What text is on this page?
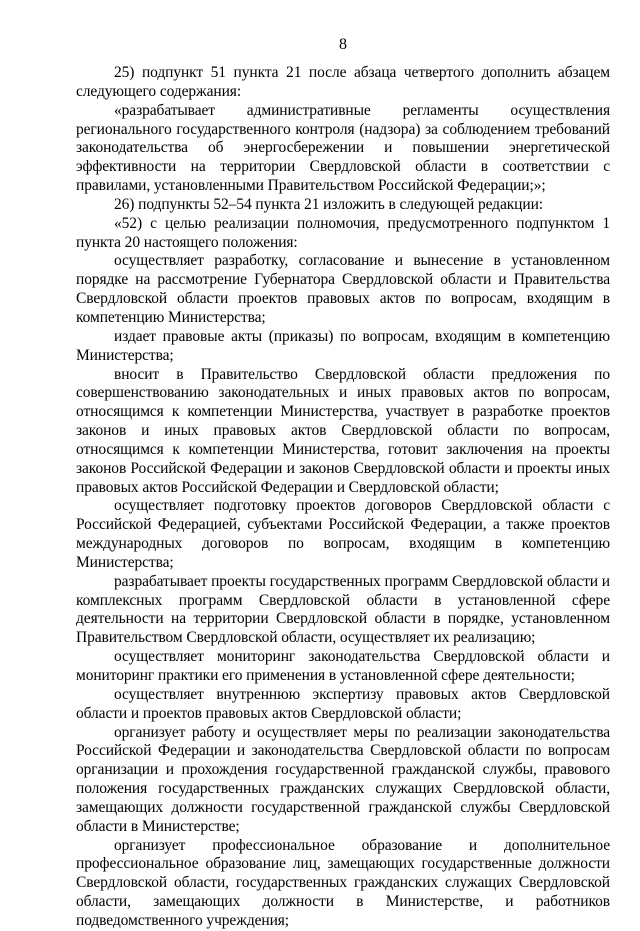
8

25) подпункт 51 пункта 21 после абзаца четвертого дополнить абзацем следующего содержания:

«разрабатывает административные регламенты осуществления регионального государственного контроля (надзора) за соблюдением требований законодательства об энергосбережении и повышении энергетической эффективности на территории Свердловской области в соответствии с правилами, установленными Правительством Российской Федерации;»;

26) подпункты 52–54 пункта 21 изложить в следующей редакции:

«52) с целью реализации полномочия, предусмотренного подпунктом 1 пункта 20 настоящего положения:

осуществляет разработку, согласование и вынесение в установленном порядке на рассмотрение Губернатора Свердловской области и Правительства Свердловской области проектов правовых актов по вопросам, входящим в компетенцию Министерства;

издает правовые акты (приказы) по вопросам, входящим в компетенцию Министерства;

вносит в Правительство Свердловской области предложения по совершенствованию законодательных и иных правовых актов по вопросам, относящимся к компетенции Министерства, участвует в разработке проектов законов и иных правовых актов Свердловской области по вопросам, относящимся к компетенции Министерства, готовит заключения на проекты законов Российской Федерации и законов Свердловской области и проекты иных правовых актов Российской Федерации и Свердловской области;

осуществляет подготовку проектов договоров Свердловской области с Российской Федерацией, субъектами Российской Федерации, а также проектов международных договоров по вопросам, входящим в компетенцию Министерства;

разрабатывает проекты государственных программ Свердловской области и комплексных программ Свердловской области в установленной сфере деятельности на территории Свердловской области в порядке, установленном Правительством Свердловской области, осуществляет их реализацию;

осуществляет мониторинг законодательства Свердловской области и мониторинг практики его применения в установленной сфере деятельности;

осуществляет внутреннюю экспертизу правовых актов Свердловской области и проектов правовых актов Свердловской области;

организует работу и осуществляет меры по реализации законодательства Российской Федерации и законодательства Свердловской области по вопросам организации и прохождения государственной гражданской службы, правового положения государственных гражданских служащих Свердловской области, замещающих должности государственной гражданской службы Свердловской области в Министерстве;

организует профессиональное образование и дополнительное профессиональное образование лиц, замещающих государственные должности Свердловской области, государственных гражданских служащих Свердловской области, замещающих должности в Министерстве, и работников подведомственного учреждения;
